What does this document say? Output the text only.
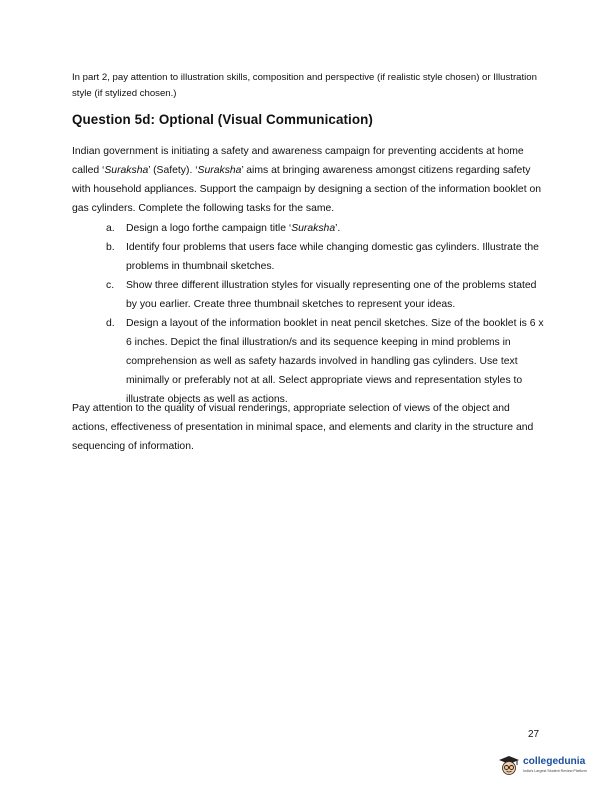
In part 2, pay attention to illustration skills, composition and perspective (if realistic style chosen) or Illustration style (if stylized chosen.)

Question 5d: Optional (Visual Communication)

Indian government is initiating a safety and awareness campaign for preventing accidents at home called ‘Suraksha’ (Safety). ‘Suraksha’ aims at bringing awareness amongst citizens regarding safety with household appliances. Support the campaign by designing a section of the information booklet on gas cylinders. Complete the following tasks for the same.

a. Design a logo forthe campaign title ‘Suraksha’.
b. Identify four problems that users face while changing domestic gas cylinders. Illustrate the problems in thumbnail sketches.
c. Show three different illustration styles for visually representing one of the problems stated by you earlier. Create three thumbnail sketches to represent your ideas.
d. Design a layout of the information booklet in neat pencil sketches. Size of the booklet is 6 x 6 inches. Depict the final illustration/s and its sequence keeping in mind problems in comprehension as well as safety hazards involved in handling gas cylinders. Use text minimally or preferably not at all. Select appropriate views and representation styles to illustrate objects as well as actions.

Pay attention to the quality of visual renderings, appropriate selection of views of the object and actions, effectiveness of presentation in minimal space, and elements and clarity in the structure and sequencing of information.

27
collegedunia
India's Largest Student Review Platform
